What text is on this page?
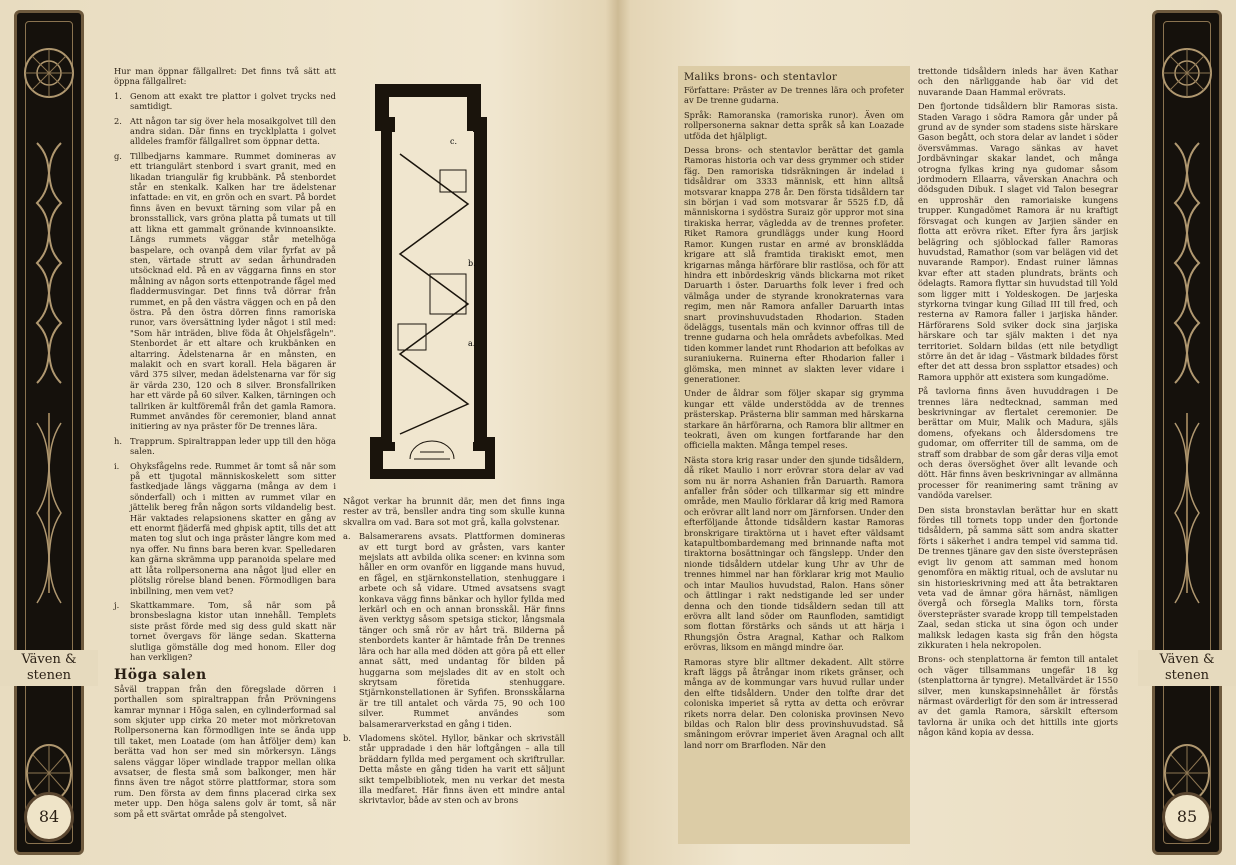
Väven &
stenen
84

Hur man öppnar fällgallret: Det finns två sätt att öppna fällgallret:

1. Genom att exakt tre plattor i golvet trycks ned samtidigt.
2. Att någon tar sig över hela mosaikgolvet till den andra sidan. Där finns en trycklplatta i golvet alldeles framför fällgallret som öppnar detta.
g. Tillbedjarns kammare. Rummet domineras av ett triangulärt stenbord i svart granit, med en likadan triangulär fig krubbänk. På stenbordet står en stenkalk. Kalken har tre ädelstenar infattade: en vit, en grön och en svart. På bordet finns även en bevuxt tärning som vilar på en bronsstallick, vars gröna platta på tumats ut till att likna ett gammalt grönande kvinnoansikte. Längs rummets väggar står metelhöga baspelare, och ovanpå dem vilar fyrfat av på sten, värtade strutt av sedan århundraden utsöcknad eld. På en av väggarna finns en stor målning av någon sorts ettenpotrande fågel med fladdermusvingar. Det finns två dörrar från rummet, en på den västra väggen och en på den östra. På den östra dörren finns ramoriska runor, vars översättning lyder något i stil med: "Som här inträden, blive föda åt Ohjelsfågeln". Stenbordet är ett altare och krukbänken en altarring. Ädelstenarna är en månsten, en malakit och en svart korall. Hela bägaren är värd 375 silver, medan ädelstenarna var för sig är värda 230, 120 och 8 silver. Bronsfallriken har ett värde på 60 silver. Kalken, tärningen och tallriken är kultföremål från det gamla Ramora. Rummet användes för ceremonier, bland annat initiering av nya präster för De trennes lära.
h. Trapprum. Spiraltrappan leder upp till den höga salen.
i.	Ohyksfågelns rede. Rummet är tomt så när som på ett tjugotal människoskelett som sitter fastkedjade längs väggarna (många av dem i sönderfall) och i mitten av rummet vilar en jättelik bereg från någon sorts vildandelig best. Här vaktades relapsionens skatter en gång av ett enormt fjäderfä med ghpisk aptit, tills det att maten tog slut och inga präster längre kom med nya offer. Nu finns bara beren kvar. Spelledaren kan gärna skrämma upp paranoida spelare med att låta rollpersonerna ana något ljud eller en plötslig rörelse bland benen. Förmodligen bara inbillning, men vem vet?
j.	Skattkammare. Tom, så när som på bronsbeslagna kistor utan innehåll. Templets siste präst förde med sig dess guld skatt när tornet övergavs för länge sedan. Skatterna slutliga gömställe dog med honom. Eller dog han verkligen?
Höga salen

Såväl trappan från den föregslade dörren i porthallen som spiraltrappan från Prövningens kamrar mynnar i Höga salen, en cylinderformad sal som skjuter upp cirka 20 meter mot mörkretovan Rollpersonerna kan förmodligen inte se ända upp till taket, men Loatade (om han åtföljer dem) kan berätta vad hon ser med sin mörkersyn. Längs salens väggar löper windlade trappor mellan olika avsatser, de flesta små som balkonger, men här finns även tre något större plattformar, stora som rum. Den första av dem finns placerad cirka sex meter upp. Den höga salens golv är tomt, så när som på ett svärtat område på stengolvet.

c.
b.
a.

Något verkar ha brunnit där, men det finns inga rester av trä, bensller andra ting som skulle kunna skvallra om vad. Bara sot mot grå, kalla golvstenar.

a. Balsamerarens avsats. Plattformen domineras av ett turgt bord av gråsten, vars kanter mejslats att avbilda olika scener: en kvinna som håller en orm ovanför en liggande mans huvud, en fågel, en stjärnkonstellation, stenhuggare i arbete och så vidare. Utmed avsatsens svagt konkava vägg finns bänkar och hyllor fyllda med lerkärl och en och annan bronsskål. Här finns även verktyg såsom spetsiga stickor, långsmala tänger och små rör av hårt trä. Bilderna på stenbordets kanter är hämtade från De trennes lära och har alla med döden att göra på ett eller annat sätt, med undantag för bilden på huggarna som mejslades dit av en stolt och skrytsam företida stenhuggare. Stjärnkonstellationen är Syfifen. Bronsskålarna är tre till antalet och värda 75, 90 och 100 silver. Rummet användes som balsamerarverkstad en gång i tiden.
b. Vladomens skötel. Hyllor, bänkar och skrivställ står uppradade i den här loftgången – alla till bräddarn fyllda med pergament och skriftrullar. Detta måste en gång tiden ha varit ett säljunt sikt tempelbibliotek, men nu verkar det mesta illa medfaret. Här finns även ett mindre antal skrivtavlor, både av sten och av brons
Maliks brons- och stentavlor

Författare: Präster av De trennes lära och profeter av De trenne gudarna.

Språk: Ramoranska (ramoriska runor). Även om rollpersonerna saknar detta språk så kan Loazade utföda det hjälpligt.

Dessa brons- och stentavlor berättar det gamla Ramoras historia och var dess grymmer och stider fäg. Den ramoriska tidsräkningen är indelad i tidsåldrar om 3333 människ, ett hinn alltså motsvarar knappa 278 år. Den första tidsåldern tar sin början i vad som motsvarar år 5525 f.D, då människorna i sydöstra Suraiz gör uppror mot sina tirakiska herrar, vägledda av de trennes profeter. Riket Ramora grundläggs under kung Hoord Ramor. Kungen rustar en armé av bronsklädda krigare att slå framtida tirakiskt emot, men krigarnas många härförare blir rastlösa, och för att hindra ett inbördeskrig vänds blickarna mot riket Daruarth i öster. Daruarths folk lever i fred och välmåga under de styrande kronokraternas vara regim, men när Ramora anfaller Daruarth intas snart provinshuvudstaden Rhodarion. Staden ödeläggs, tusentals män och kvinnor offras till de trenne gudarna och hela områdets avbefolkas. Med tiden kommer landet runt Rhodarion att befolkas av suraniukerna. Ruinerna efter Rhodarion faller i glömska, men minnet av slakten lever vidare i generationer.

Under de åldrar som följer skapar sig grymma kungar ett välde understödda av de trennes prästerskap. Prästerna blir samman med härskarna starkare än härförarna, och Ramora blir alltmer en teokrati, även om kungen fortfarande har den officiella makten. Många tempel reses.

Nästa stora krig rasar under den sjunde tidsåldern, då riket Maulio i norr erövrar stora delar av vad som nu är norra Ashanien från Daruarth. Ramora anfaller från söder och tillkarmar sig ett mindre område, men Maulio förklarar då krig med Ramora och erövrar allt land norr om Järnforsen. Under den efterföljande åttonde tidsåldern kastar Ramoras bronskrigare tiraktörna ut i havet efter väldsamt katapultbombardemang med brinnande nafta mot tiraktorna bosättningar och fängslepp. Under den nionde tidsåldern utdelar kung Uhr av Uhr de trennes himmel nar han förklarar krig mot Maulio och intar Maulios huvudstad, Ralon. Hans söner och ättlingar i rakt nedstigande led ser under denna och den tionde tidsåldern sedan till att erövra allt land söder om Raunfloden, samtidigt som flottan förstärks och sänds ut att härja i Rhungsjön Östra Aragnal, Kathar och Ralkom erövras, liksom en mängd mindre öar.

Ramoras styre blir alltmer dekadent. Allt större kraft läggs på åtrångar inom rikets gränser, och många av de kommungar vars huvud rullar under den elfte tidsåldern. Under den tolfte drar det coloniska imperiet så rytta av detta och erövrar rikets norra delar. Den coloniska provinsen Nevo bildas och Ralon blir dess provinshuvudstad. Så småningom erövrar imperiet även Aragnal och allt land norr om Brarfloden. När den

trettonde tidsåldern inleds har även Kathar och den närliggande hab öar vid det nuvarande Daan Hammal erövrats.

Den fjortonde tidsåldern blir Ramoras sista. Staden Varago i södra Ramora går under på grund av de synder som stadens siste härskare Gason begått, och stora delar av landet i söder översvämmas. Varago sänkas av havet Jordbävningar skakar landet, och många otrogna fylkas kring nya gudomar såsom jordmodern Ellaarra, våverskan Anachra och dödsguden Dibuk. I slaget vid Talon besegrar en upproshär den ramoriaiske kungens trupper. Kungadömet Ramora är nu kraftigt försvagat och kungen av Jarjien sänder en flotta att erövra riket. Efter fyra års jarjisk belägring och sjöblockad faller Ramoras huvudstad, Ramathor (som var belägen vid det nuvarande Rampor). Endast ruiner lämnas kvar efter att staden plundrats, bränts och ödelagts. Ramora flyttar sin huvudstad till Yold som ligger mitt i Yoldeskogen. De jarjeska styrkorna tvingar kung Giliad III till fred, och resterna av Ramora faller i jarjiska händer. Härförarens Sold sviker dock sina jarjiska härskare och tar själv makten i det nya territoriet. Soldarn bildas (ett nile betydligt större än det är idag – Västmark bildades först efter det att dessa bron ssplattor etsades) och Ramora upphör att existera som kungadöme.

På tavlorna finns även huvuddragen i De trennes lära nedtecknad, samman med beskrivningar av flertalet ceremonier. De berättar om Muir, Malik och Madura, själs domens, ofyekans och åldersdomens tre gudomar, om offerriter till de samma, om de straff som drabbar de som går deras vilja emot och deras översöghet över allt levande och dött. Här finns även beskrivningar av allmänna processer för reanimering samt träning av vandöda varelser.

Den sista bronstavlan berättar hur en skatt fördes till tornets topp under den fjortonde tidsåldern, på samma sätt som andra skatter förts i säkerhet i andra tempel vid samma tid. De trennes tjänare gav den siste överstepräsen evigt liv genom att samman med honom genomföra en mäktig ritual, och de avslutar nu sin historieskrivning med att åta betraktaren veta vad de ämnar göra härnäst, nämligen övergå och försegla Maliks torn, första överstepräster svarade kropp till tempelstaden Zaal, sedan sticka ut sina ögon och under maliksk ledagen kasta sig från den högsta zikkuraten i hela nekropolen.

Brons- och stenplattorna är femton till antalet och väger tillsammans ungefär 18 kg (stenplattorna är tyngre). Metallvärdet är 1550 silver, men kunskapsinnehållet är förstås närmast ovärderligt för den som är intresserad av det gamla Ramora, särskilt eftersom tavlorna är unika och det hittills inte gjorts någon känd kopia av dessa.

Väven &
stenen
85
